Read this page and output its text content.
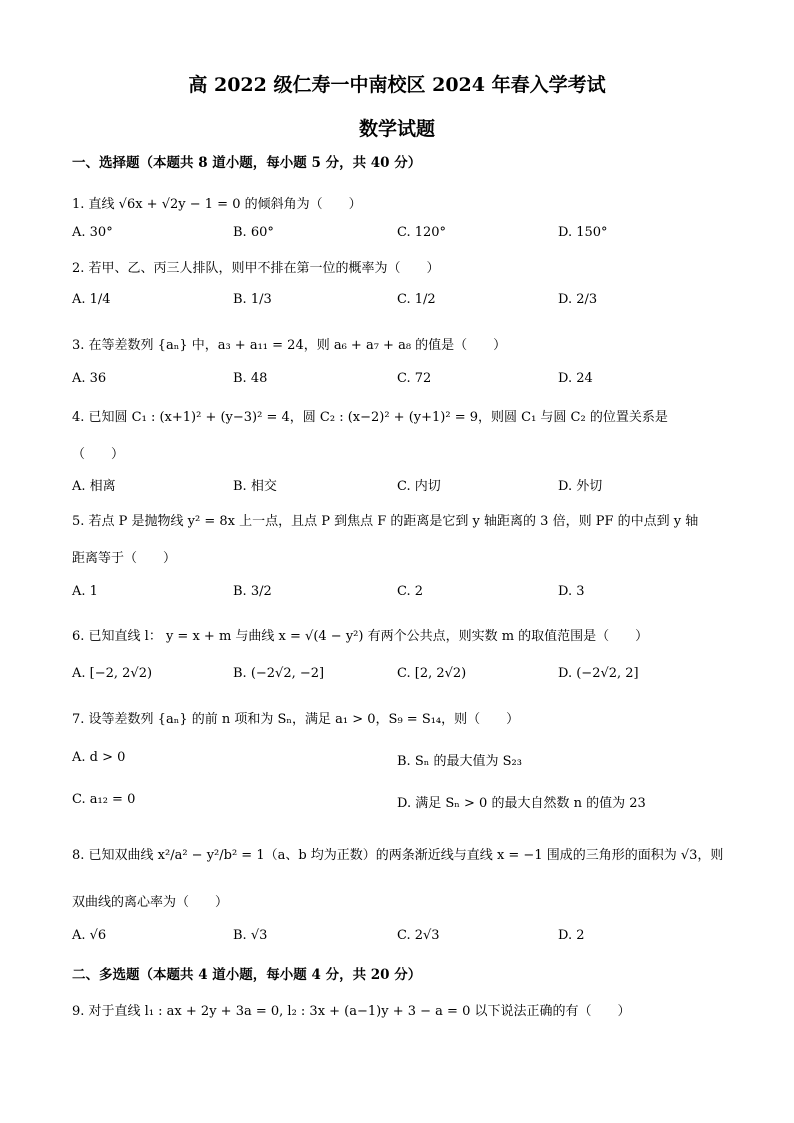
高 2022 级仁寿一中南校区 2024 年春入学考试
数学试题
一、选择题（本题共 8 道小题，每小题 5 分，共 40 分）
1. 直线 √6x + √2y − 1 = 0 的倾斜角为（　　）
A. 30°	B. 60°	C. 120°	D. 150°
2. 若甲、乙、丙三人排队，则甲不排在第一位的概率为（　　）
A. 1/4	B. 1/3	C. 1/2	D. 2/3
3. 在等差数列 {aₙ} 中，a₃ + a₁₁ = 24，则 a₆ + a₇ + a₈ 的值是（　　）
A. 36	B. 48	C. 72	D. 24
4. 已知圆 C₁ : (x+1)² + (y−3)² = 4，圆 C₂ : (x−2)² + (y+1)² = 9，则圆 C₁ 与圆 C₂ 的位置关系是
（　　）
A. 相离	B. 相交	C. 内切	D. 外切
5. 若点 P 是抛物线 y² = 8x 上一点，且点 P 到焦点 F 的距离是它到 y 轴距离的 3 倍，则 PF 的中点到 y 轴
距离等于（　　）
A. 1	B. 3/2	C. 2	D. 3
6. 已知直线 l： y = x + m 与曲线 x = √(4 − y²) 有两个公共点，则实数 m 的取值范围是（　　）
A. [−2, 2√2)	B. (−2√2, −2]	C. [2, 2√2)	D. (−2√2, 2]
7. 设等差数列 {aₙ} 的前 n 项和为 Sₙ，满足 a₁ > 0，S₉ = S₁₄，则（　　）
A. d > 0	B. Sₙ 的最大值为 S₂₃
C. a₁₂ = 0	D. 满足 Sₙ > 0 的最大自然数 n 的值为 23
8. 已知双曲线 x²/a² − y²/b² = 1（a、b 均为正数）的两条渐近线与直线 x = −1 围成的三角形的面积为 √3，则
双曲线的离心率为（　　）
A. √6	B. √3	C. 2√3	D. 2
二、多选题（本题共 4 道小题，每小题 4 分，共 20 分）
9. 对于直线 l₁ : ax + 2y + 3a = 0, l₂ : 3x + (a−1)y + 3 − a = 0 以下说法正确的有（　　）
